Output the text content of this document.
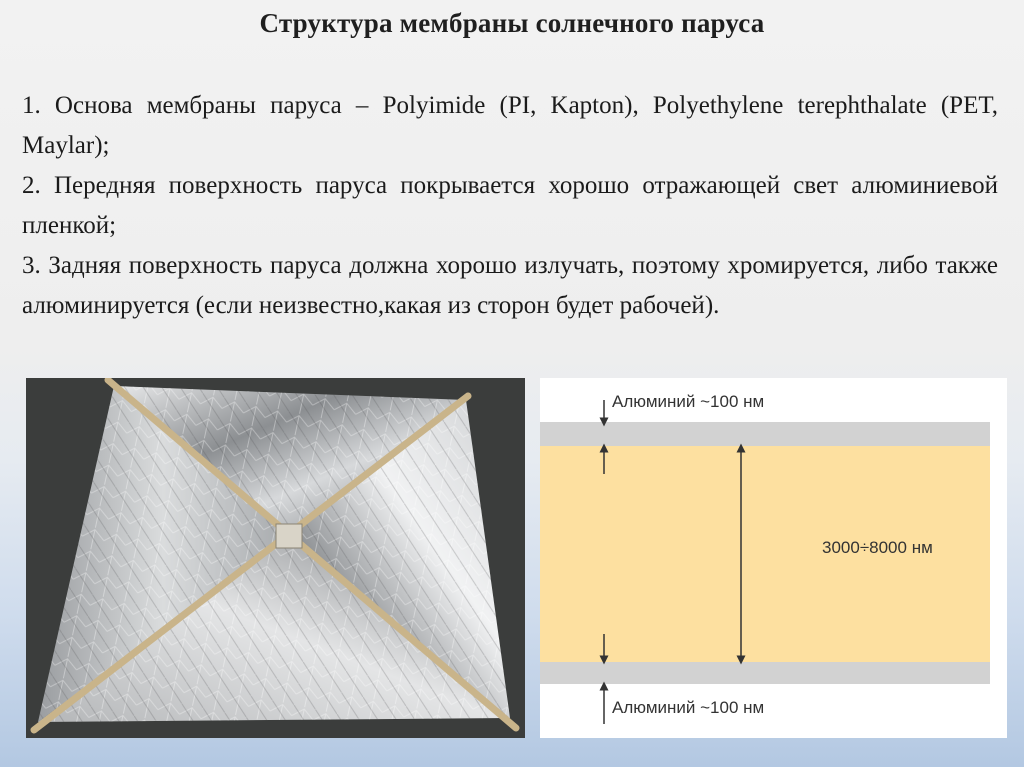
Структура мембраны солнечного паруса

1. Основа мембраны паруса – Polyimide (PI, Kapton), Polyethylene terephthalate (PET, Maylar);

2. Передняя поверхность паруса покрывается хорошо отражающей свет алюминиевой пленкой;

3. Задняя поверхность паруса должна хорошо излучать, поэтому хромируется, либо также алюминируется (если неизвестно,какая из сторон будет рабочей).

Алюминий ~100 нм
3000÷8000 нм
Алюминий ~100 нм
